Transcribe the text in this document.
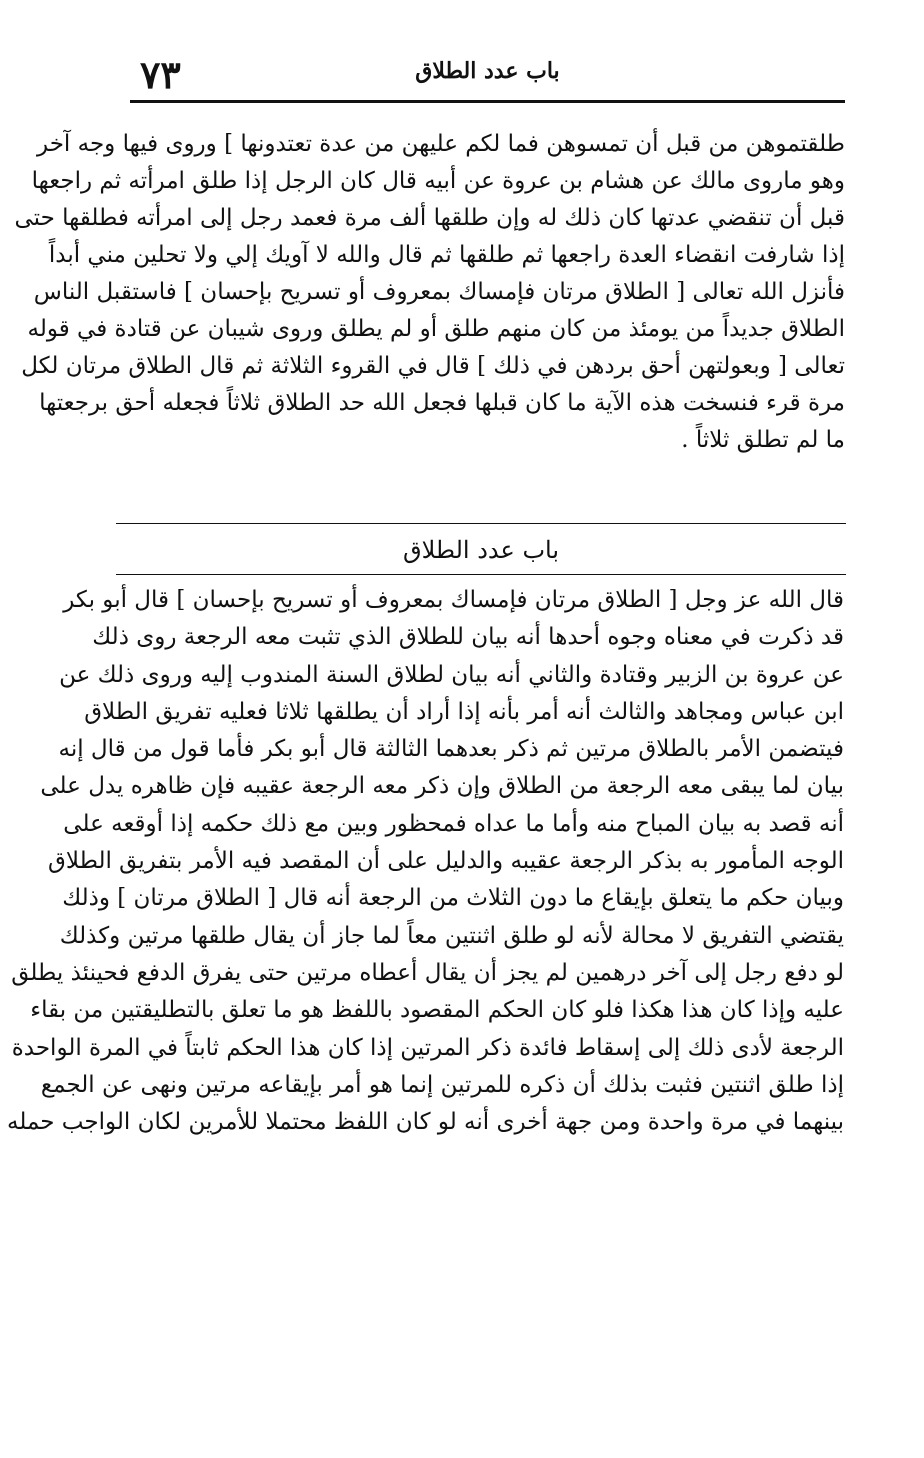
باب عدد الطلاق
٧٣
طلقتموهن من قبل أن تمسوهن فما لكم عليهن من عدة تعتدونها ] وروى فيها وجه آخر
وهو ماروى مالك عن هشام بن عروة عن أبيه قال كان الرجل إذا طلق امرأته ثم راجعها
قبل أن تنقضي عدتها كان ذلك له وإن طلقها ألف مرة فعمد رجل إلى امرأته فطلقها حتى
إذا شارفت انقضاء العدة راجعها ثم طلقها ثم قال والله لا آويك إلي ولا تحلين مني أبداً
فأنزل الله تعالى [ الطلاق مرتان فإمساك بمعروف أو تسريح بإحسان ] فاستقبل الناس
الطلاق جديداً من يومئذ من كان منهم طلق أو لم يطلق وروى شيبان عن قتادة في قوله
تعالى [ وبعولتهن أحق بردهن في ذلك ] قال في القروء الثلاثة ثم قال الطلاق مرتان لكل
مرة قرء فنسخت هذه الآية ما كان قبلها فجعل الله حد الطلاق ثلاثاً فجعله أحق برجعتها
ما لم تطلق ثلاثاً .
باب عدد الطلاق
قال الله عز وجل [ الطلاق مرتان فإمساك بمعروف أو تسريح بإحسان ] قال أبو بكر
قد ذكرت في معناه وجوه أحدها أنه بيان للطلاق الذي تثبت معه الرجعة روى ذلك
عن عروة بن الزبير وقتادة والثاني أنه بيان لطلاق السنة المندوب إليه وروى ذلك عن
ابن عباس ومجاهد والثالث أنه أمر بأنه إذا أراد أن يطلقها ثلاثا فعليه تفريق الطلاق
فيتضمن الأمر بالطلاق مرتين ثم ذكر بعدهما الثالثة قال أبو بكر فأما قول من قال إنه
بيان لما يبقى معه الرجعة من الطلاق وإن ذكر معه الرجعة عقيبه فإن ظاهره يدل على
أنه قصد به بيان المباح منه وأما ما عداه فمحظور وبين مع ذلك حكمه إذا أوقعه على
الوجه المأمور به بذكر الرجعة عقيبه والدليل على أن المقصد فيه الأمر بتفريق الطلاق
وبيان حكم ما يتعلق بإيقاع ما دون الثلاث من الرجعة أنه قال [ الطلاق مرتان ] وذلك
يقتضي التفريق لا محالة لأنه لو طلق اثنتين معاً لما جاز أن يقال طلقها مرتين وكذلك
لو دفع رجل إلى آخر درهمين لم يجز أن يقال أعطاه مرتين حتى يفرق الدفع فحينئذ يطلق
عليه وإذا كان هذا هكذا فلو كان الحكم المقصود باللفظ هو ما تعلق بالتطليقتين من بقاء
الرجعة لأدى ذلك إلى إسقاط فائدة ذكر المرتين إذا كان هذا الحكم ثابتاً في المرة الواحدة
إذا طلق اثنتين فثبت بذلك أن ذكره للمرتين إنما هو أمر بإيقاعه مرتين ونهى عن الجمع
بينهما في مرة واحدة ومن جهة أخرى أنه لو كان اللفظ محتملا للأمرين لكان الواجب حمله
